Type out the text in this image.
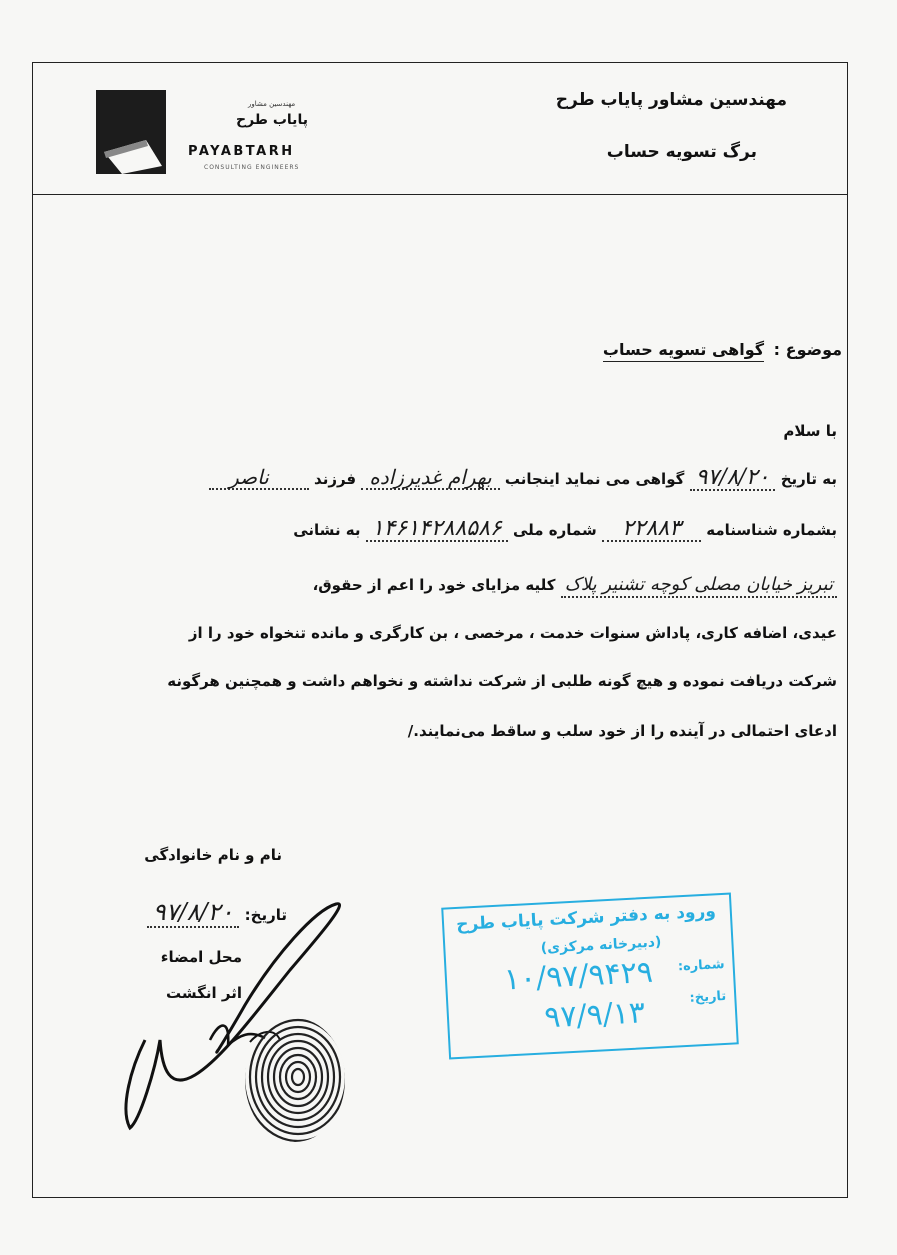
مهندسین مشاور
پایاب طرح
PAYABTARH
CONSULTING ENGINEERS
مهندسین مشاور پایاب طرح
برگ تسویه حساب
موضوع : گواهی تسویه حساب
با سلام
به تاریخ ۹۷/۸/۲۰ گواهی می نماید اینجانب بهرام غدیرزاده فرزند ناصر
بشماره شناسنامه ۲۲۸۸۳ شماره ملی ۱۴۶۱۴۲۸۸۵۸۶ به نشانی
تبریز خیابان مصلی کوچه تشنیر پلاک کلیه مزایای خود را اعم از حقوق،
عیدی، اضافه کاری، پاداش سنوات خدمت ، مرخصی ، بن کارگری و مانده تنخواه خود را از
شرکت دریافت نموده و هیچ گونه طلبی از شرکت نداشته و نخواهم داشت و همچنین هرگونه
ادعای احتمالی در آینده را از خود سلب و ساقط می‌نمایند./
نام و نام خانوادگی
تاریخ: ۹۷/۸/۲۰
محل امضاء
اثر انگشت
ورود به دفتر شرکت پایاب طرح
(دبیرخانه مرکزی)
شماره:
۱۰/۹۷/۹۴۲۹	تاریخ:
۹۷/۹/۱۳
